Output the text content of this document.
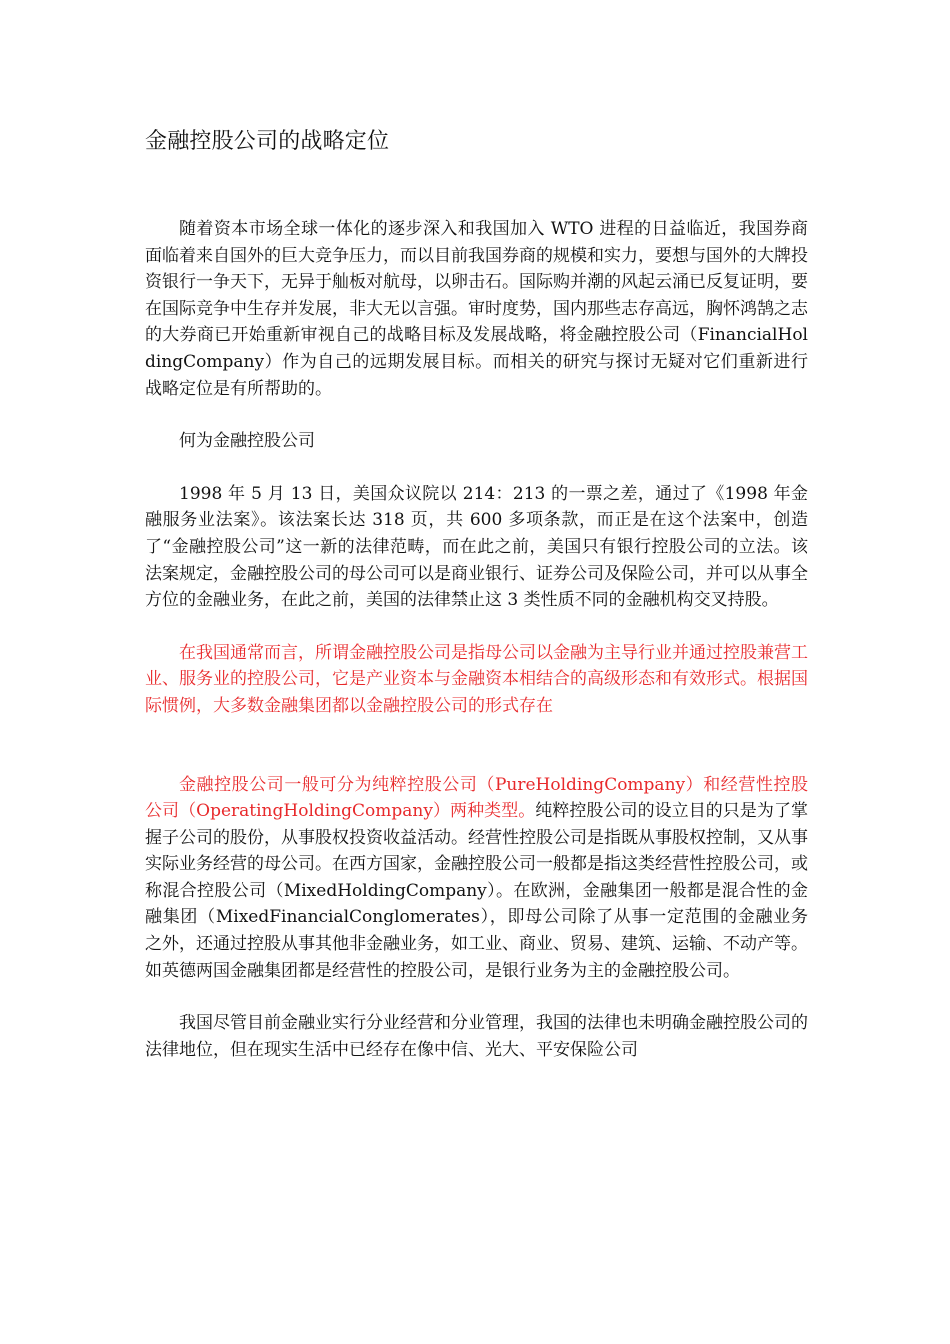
金融控股公司的战略定位

随着资本市场全球一体化的逐步深入和我国加入 WTO 进程的日益临近，我国券商面临着来自国外的巨大竞争压力，而以目前我国券商的规模和实力，要想与国外的大牌投资银行一争天下，无异于舢板对航母，以卵击石。国际购并潮的风起云涌已反复证明，要在国际竞争中生存并发展，非大无以言强。审时度势，国内那些志存高远，胸怀鸿鹄之志的大券商已开始重新审视自己的战略目标及发展战略，将金融控股公司（FinancialHoldingCompany）作为自己的远期发展目标。而相关的研究与探讨无疑对它们重新进行战略定位是有所帮助的。

何为金融控股公司

1998 年 5 月 13 日，美国众议院以 214：213 的一票之差，通过了《1998 年金融服务业法案》。该法案长达 318 页，共 600 多项条款，而正是在这个法案中，创造了“金融控股公司”这一新的法律范畴，而在此之前，美国只有银行控股公司的立法。该法案规定，金融控股公司的母公司可以是商业银行、证券公司及保险公司，并可以从事全方位的金融业务，在此之前，美国的法律禁止这 3 类性质不同的金融机构交叉持股。

在我国通常而言，所谓金融控股公司是指母公司以金融为主导行业并通过控股兼营工业、服务业的控股公司，它是产业资本与金融资本相结合的高级形态和有效形式。根据国际惯例，大多数金融集团都以金融控股公司的形式存在

金融控股公司一般可分为纯粹控股公司（PureHoldingCompany）和经营性控股公司（OperatingHoldingCompany）两种类型。纯粹控股公司的设立目的只是为了掌握子公司的股份，从事股权投资收益活动。经营性控股公司是指既从事股权控制，又从事实际业务经营的母公司。在西方国家，金融控股公司一般都是指这类经营性控股公司，或称混合控股公司（MixedHoldingCompany）。在欧洲，金融集团一般都是混合性的金融集团（MixedFinancialConglomerates），即母公司除了从事一定范围的金融业务之外，还通过控股从事其他非金融业务，如工业、商业、贸易、建筑、运输、不动产等。如英德两国金融集团都是经营性的控股公司，是银行业务为主的金融控股公司。

我国尽管目前金融业实行分业经营和分业管理，我国的法律也未明确金融控股公司的法律地位，但在现实生活中已经存在像中信、光大、平安保险公司
